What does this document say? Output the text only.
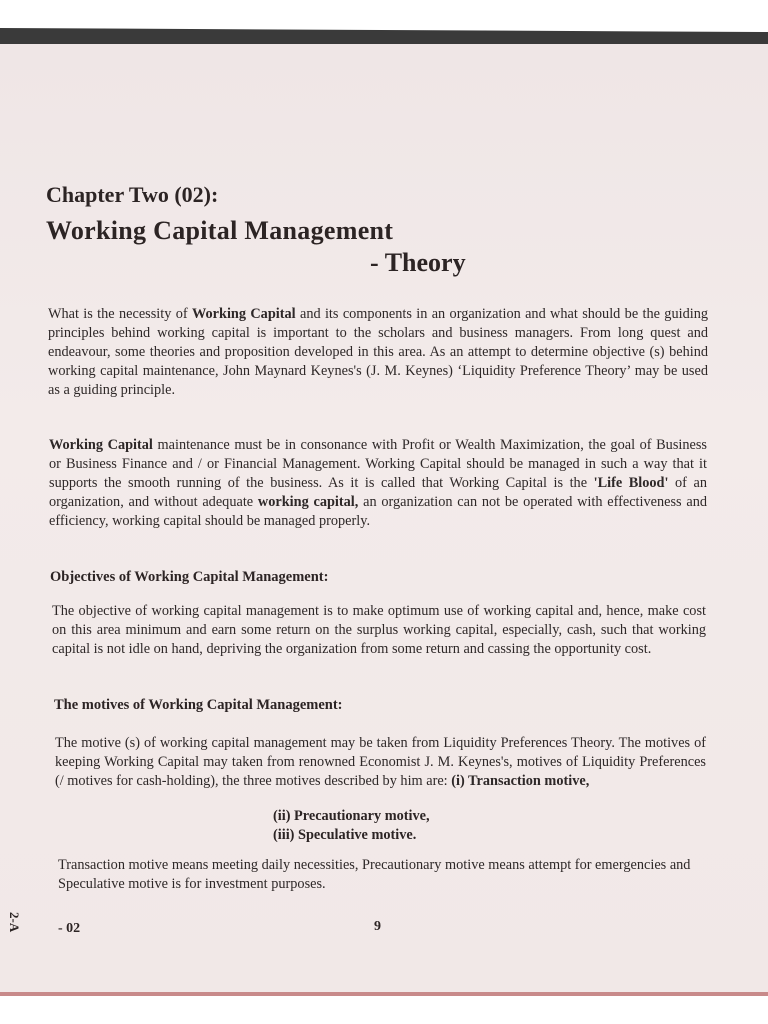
Chapter Two (02):
Working Capital Management
- Theory

What is the necessity of Working Capital and its components in an organization and what should be the guiding principles behind working capital is important to the scholars and business managers. From long quest and endeavour, some theories and proposition developed in this area. As an attempt to determine objective (s) behind working capital maintenance, John Maynard Keynes's (J. M. Keynes) ‘Liquidity Preference Theory’ may be used as a guiding principle.

Working Capital maintenance must be in consonance with Profit or Wealth Maximization, the goal of Business or Business Finance and / or Financial Management. Working Capital should be managed in such a way that it supports the smooth running of the business. As it is called that Working Capital is the 'Life Blood' of an organization, and without adequate working capital, an organization can not be operated with effectiveness and efficiency, working capital should be managed properly.

Objectives of Working Capital Management:

The objective of working capital management is to make optimum use of working capital and, hence, make cost on this area minimum and earn some return on the surplus working capital, especially, cash, such that working capital is not idle on hand, depriving the organization from some return and cassing the opportunity cost.

The motives of Working Capital Management:

The motive (s) of working capital management may be taken from Liquidity Preferences Theory. The motives of keeping Working Capital may taken from renowned Economist J. M. Keynes's, motives of Liquidity Preferences (/ motives for cash-holding), the three motives described by him are: (i) Transaction motive,

(ii) Precautionary motive,
(iii) Speculative motive.

Transaction motive means meeting daily necessities, Precautionary motive means attempt for emergencies and Speculative motive is for investment purposes.

2-A	- 02	9
